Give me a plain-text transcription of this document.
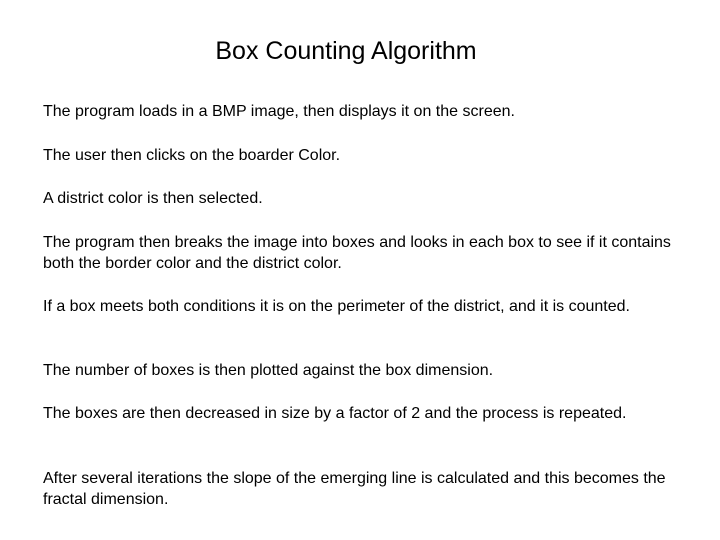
Box Counting Algorithm

The program loads in a BMP image, then displays it on the screen.

The user then clicks on the boarder Color.

A district color is then selected.

The program then breaks the image into boxes and looks in each box to see if it contains both the border color and the district color.

If a box meets both conditions it is on the perimeter of the district, and it is counted.

The number of boxes is then plotted against the box dimension.

The boxes are then decreased in size by a factor of 2 and the process is repeated.

After several iterations the slope of the emerging line is calculated and this becomes the fractal dimension.
